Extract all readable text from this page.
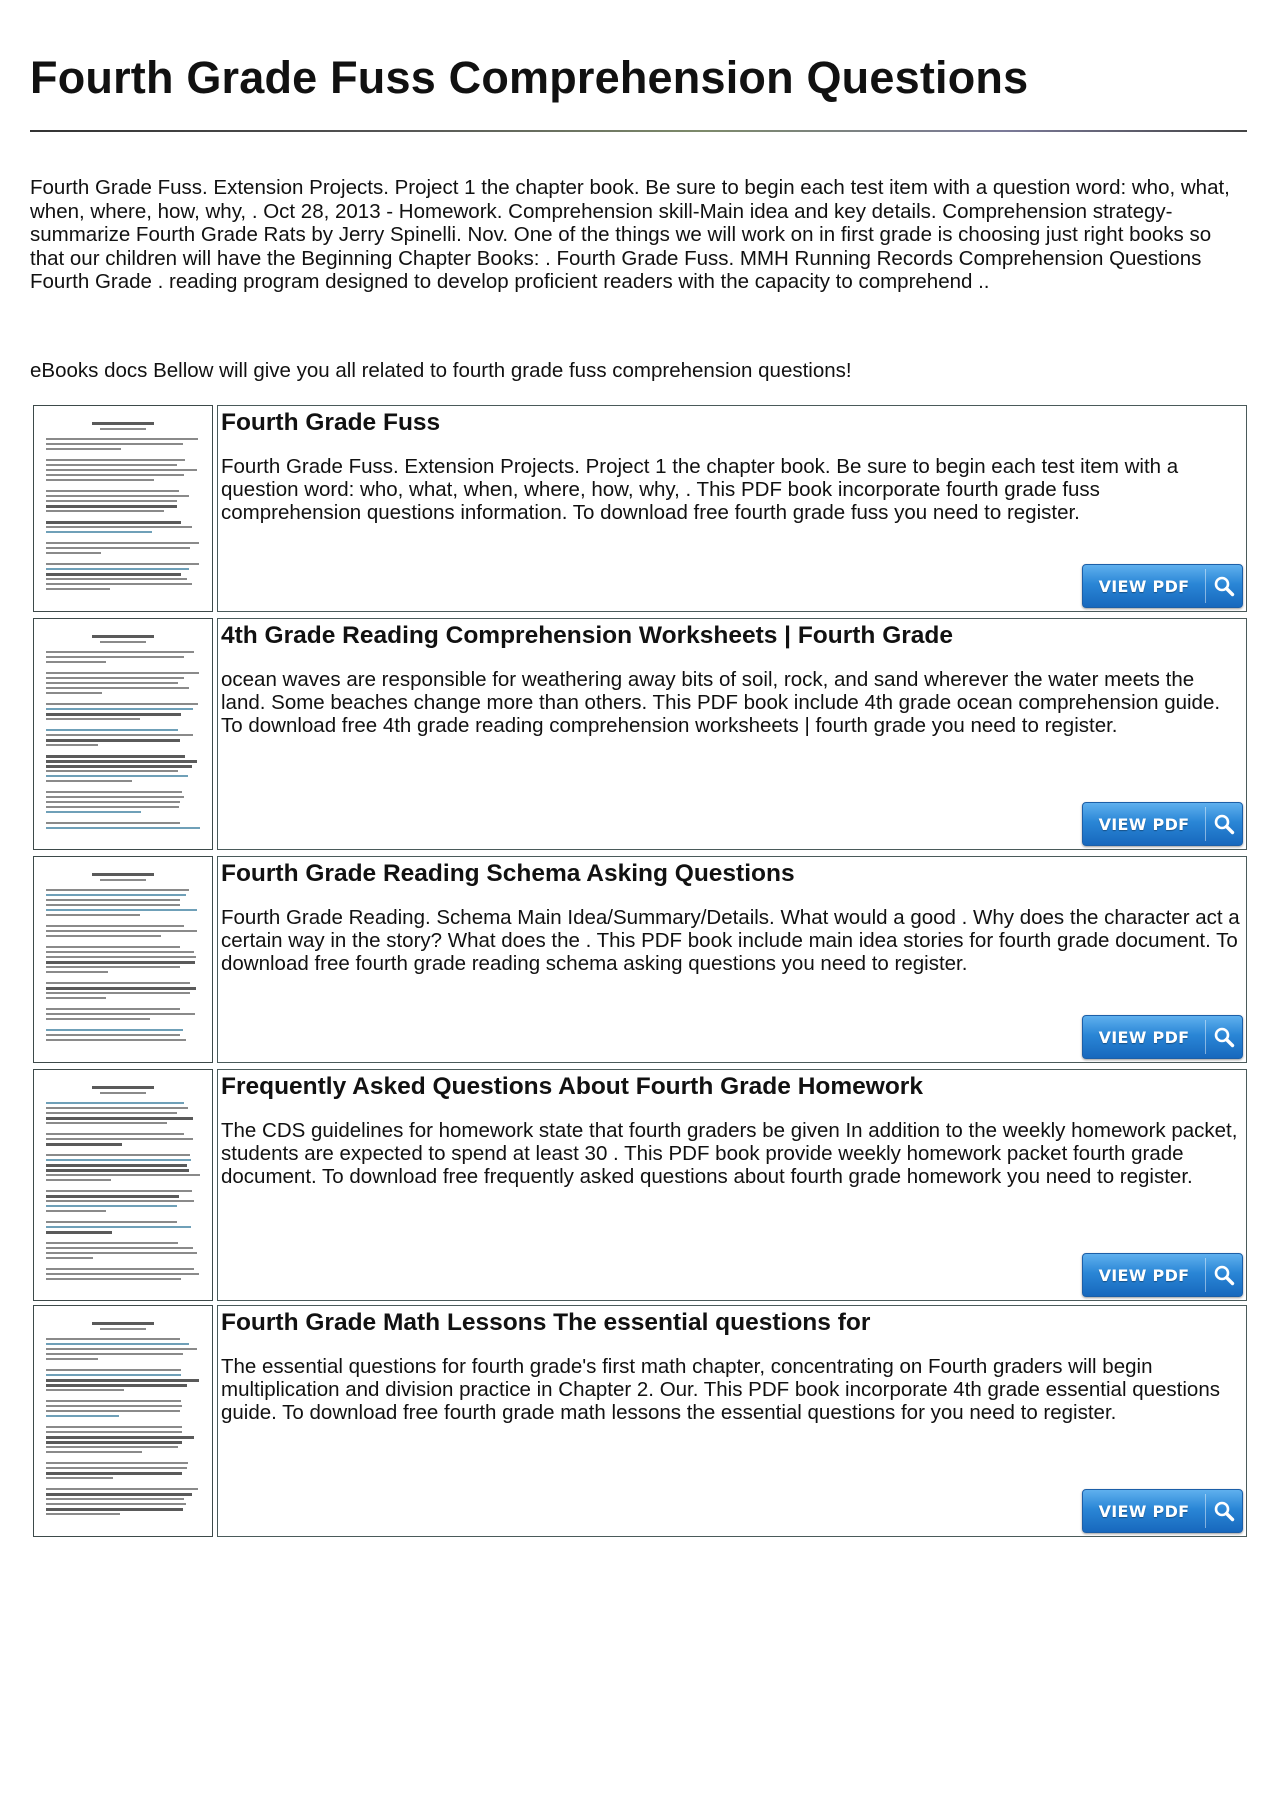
Fourth Grade Fuss Comprehension Questions

Fourth Grade Fuss. Extension Projects. Project 1 the chapter book. Be sure to begin each test item with a question word: who, what, when, where, how, why, . Oct 28, 2013 - Homework. Comprehension skill-Main idea and key details. Comprehension strategy- summarize Fourth Grade Rats by Jerry Spinelli. Nov. One of the things we will work on in first grade is choosing just right books so that our children will have the Beginning Chapter Books: . Fourth Grade Fuss. MMH Running Records Comprehension Questions Fourth Grade . reading program designed to develop proficient readers with the capacity to comprehend ..

eBooks docs Bellow will give you all related to fourth grade fuss comprehension questions!

Fourth Grade Fuss

Fourth Grade Fuss. Extension Projects. Project 1 the chapter book. Be sure to begin each test item with a question word: who, what, when, where, how, why, . This PDF book incorporate fourth grade fuss comprehension questions information. To download free fourth grade fuss you need to register.

VIEW PDF
4th Grade Reading Comprehension Worksheets | Fourth Grade

ocean waves are responsible for weathering away bits of soil, rock, and sand wherever the water meets the land. Some beaches change more than others. This PDF book include 4th grade ocean comprehension guide. To download free 4th grade reading comprehension worksheets | fourth grade you need to register.

VIEW PDF
Fourth Grade Reading Schema Asking Questions

Fourth Grade Reading. Schema Main Idea/Summary/Details. What would a good . Why does the character act a certain way in the story? What does the . This PDF book include main idea stories for fourth grade document. To download free fourth grade reading schema asking questions you need to register.

VIEW PDF
Frequently Asked Questions About Fourth Grade Homework

The CDS guidelines for homework state that fourth graders be given In addition to the weekly homework packet, students are expected to spend at least 30 . This PDF book provide weekly homework packet fourth grade document. To download free frequently asked questions about fourth grade homework you need to register.

VIEW PDF
Fourth Grade Math Lessons The essential questions for

The essential questions for fourth grade's first math chapter, concentrating on Fourth graders will begin multiplication and division practice in Chapter 2. Our. This PDF book incorporate 4th grade essential questions guide. To download free fourth grade math lessons the essential questions for you need to register.

VIEW PDF
